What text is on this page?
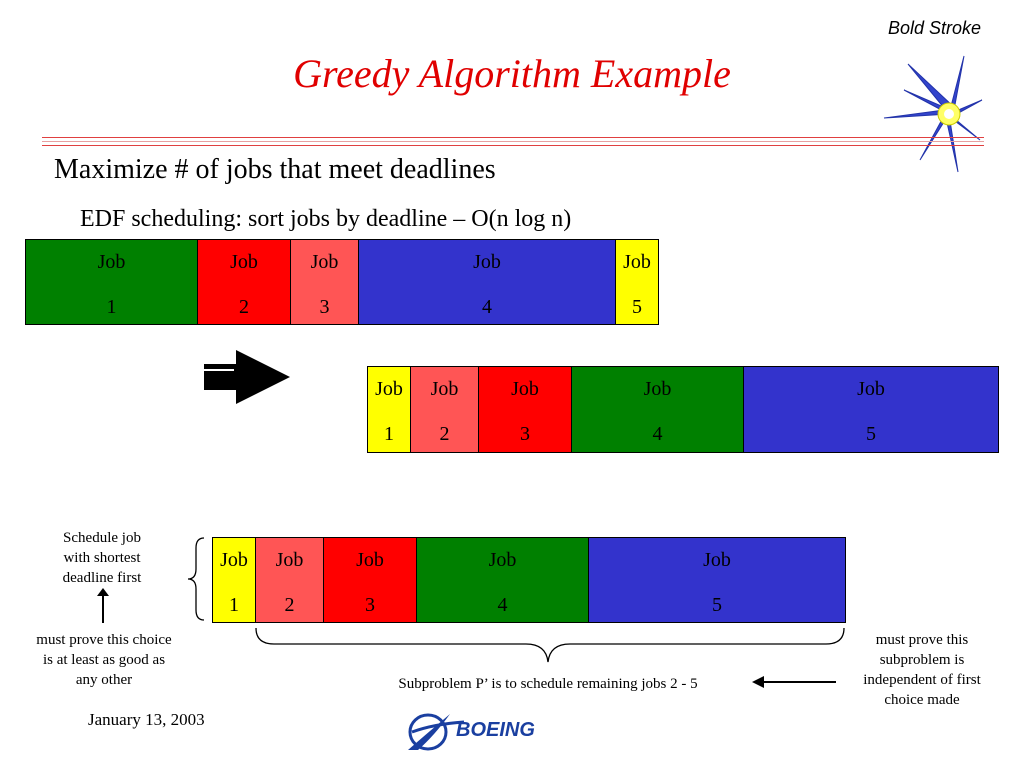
Bold Stroke
Greedy Algorithm Example
Maximize # of jobs that meet deadlines
EDF scheduling: sort jobs by deadline – O(n log n)
Job
1
Job
2
Job
3
Job
4
Job
5
Job
1
Job
2
Job
3
Job
4
Job
5
Schedule job
with shortest
deadline first
must prove this choice
is at least as good as
any other
Job
1
Job
2
Job
3
Job
4
Job
5
Subproblem P’ is to schedule remaining jobs 2 - 5
must prove this
subproblem is
independent of first
choice made
January 13, 2003	BOEING
